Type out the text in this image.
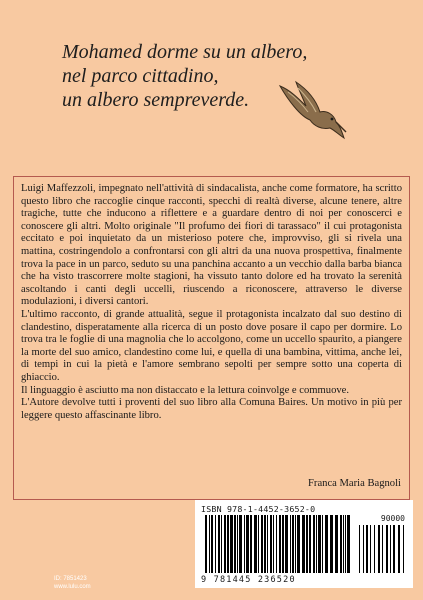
Mohamed dorme su un albero,
nel parco cittadino,
un albero sempreverde.

Luigi Maffezzoli, impegnato nell'attività di sindacalista, anche come formatore, ha scritto questo libro che raccoglie cinque racconti, specchi di realtà diverse, alcune tenere, altre tragiche, tutte che inducono a riflettere e a guardare dentro di noi per conoscerci e conoscere gli altri. Molto originale "Il profumo dei fiori di tarassaco" il cui protagonista eccitato e poi inquietato da un misterioso potere che, improvviso, gli si rivela una mattina, costringendolo a confrontarsi con gli altri da una nuova prospettiva, finalmente trova la pace in un parco, seduto su una panchina accanto a un vecchio dalla barba bianca che ha visto trascorrere molte stagioni, ha vissuto tanto dolore ed ha trovato la serenità ascoltando i canti degli uccelli, riuscendo a riconoscere, attraverso le diverse modulazioni, i diversi cantori.

L'ultimo racconto, di grande attualità, segue il protagonista incalzato dal suo destino di clandestino, disperatamente alla ricerca di un posto dove posare il capo per dormire. Lo trova tra le foglie di una magnolia che lo accolgono, come un uccello spaurito, a piangere la morte del suo amico, clandestino come lui, e quella di una bambina, vittima, anche lei, di tempi in cui la pietà e l'amore sembrano sepolti per sempre sotto una coperta di ghiaccio.

Il linguaggio è asciutto ma non distaccato e la lettura coinvolge e commuove.

L'Autore devolve tutti i proventi del suo libro alla Comuna Baires. Un motivo in più per leggere questo affascinante libro.

Franca Maria Bagnoli
ISBN 978-1-4452-3652-0
9 781445 236520
90000
ID: 7851423
www.lulu.com
